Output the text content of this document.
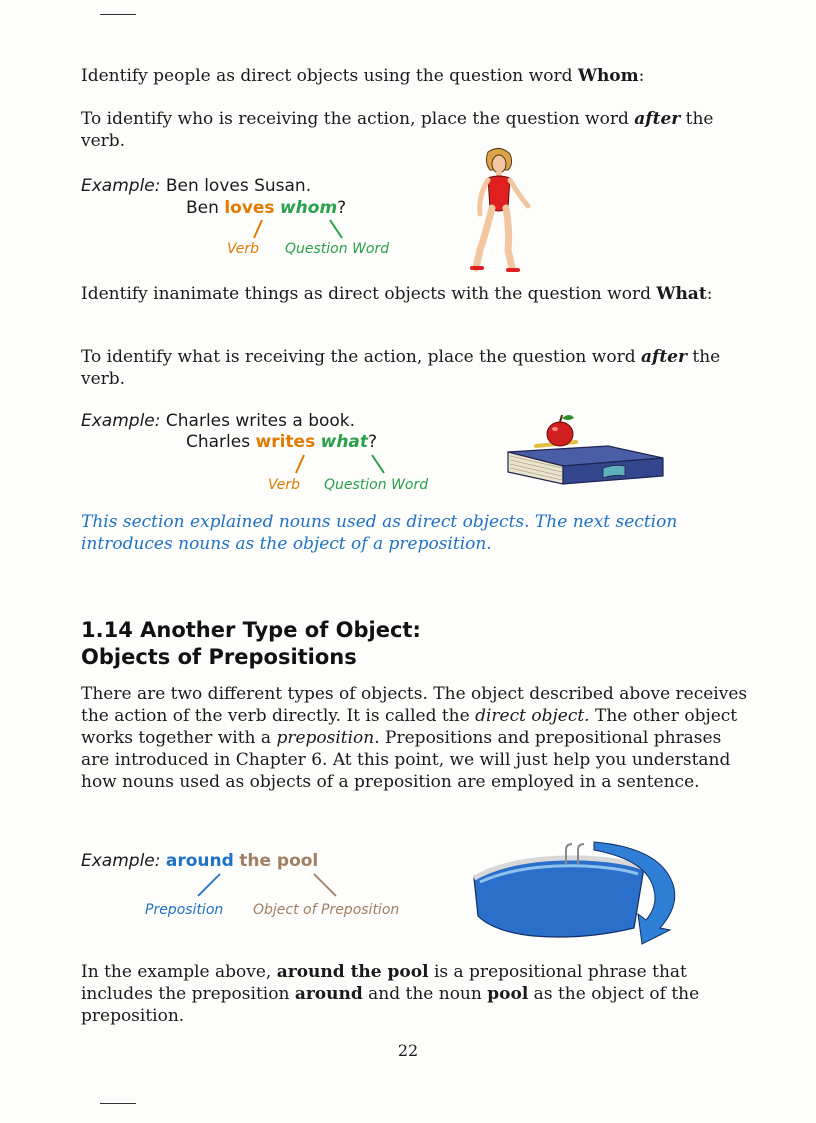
Identify people as direct objects using the question word Whom:

To identify who is receiving the action, place the question word after the verb.

Example: Ben loves Susan.
Ben loves whom?
Verb Question Word

Identify inanimate things as direct objects with the question word What:

To identify what is receiving the action, place the question word after the verb.

Example: Charles writes a book.
Charles writes what?
Verb Question Word

This section explained nouns used as direct objects. The next section introduces nouns as the object of a preposition.

1.14 Another Type of Object:
Objects of Prepositions

There are two different types of objects. The object described above receives the action of the verb directly. It is called the direct object. The other object works together with a preposition. Prepositions and prepositional phrases are introduced in Chapter 6. At this point, we will just help you understand how nouns used as objects of a preposition are employed in a sentence.

Example: around the pool
Preposition Object of Preposition

In the example above, around the pool is a prepositional phrase that includes the preposition around and the noun pool as the object of the preposition.

22
